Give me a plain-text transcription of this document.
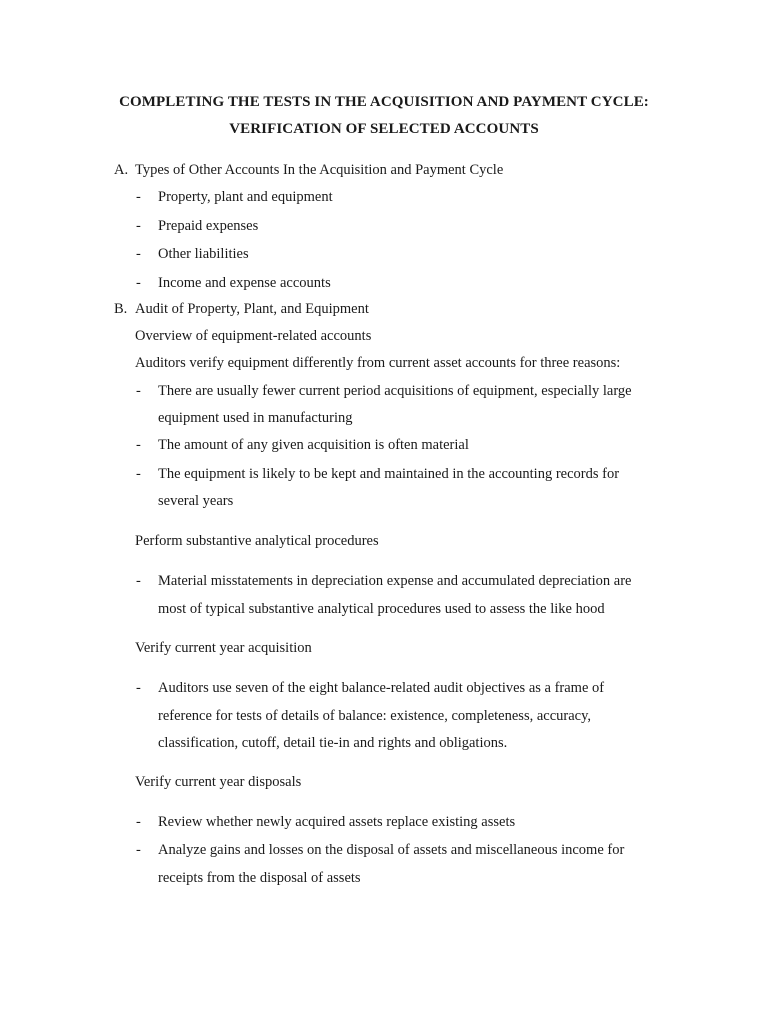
COMPLETING THE TESTS IN THE ACQUISITION AND PAYMENT CYCLE:
VERIFICATION OF SELECTED ACCOUNTS
A. Types of Other Accounts In the Acquisition and Payment Cycle
- Property, plant and equipment
- Prepaid expenses
- Other liabilities
- Income and expense accounts
B. Audit of Property, Plant, and Equipment
Overview of equipment-related accounts
Auditors verify equipment differently from current asset accounts for three reasons:
- There are usually fewer current period acquisitions of equipment, especially large
equipment used in manufacturing
- The amount of any given acquisition is often material
- The equipment is likely to be kept and maintained in the accounting records for
several years
Perform substantive analytical procedures
- Material misstatements in depreciation expense and accumulated depreciation are
most of typical substantive analytical procedures used to assess the like hood
Verify current year acquisition
- Auditors use seven of the eight balance-related audit objectives as a frame of
reference for tests of details of balance: existence, completeness, accuracy,
classification, cutoff, detail tie-in and rights and obligations.
Verify current year disposals
- Review whether newly acquired assets replace existing assets
- Analyze gains and losses on the disposal of assets and miscellaneous income for
receipts from the disposal of assets
